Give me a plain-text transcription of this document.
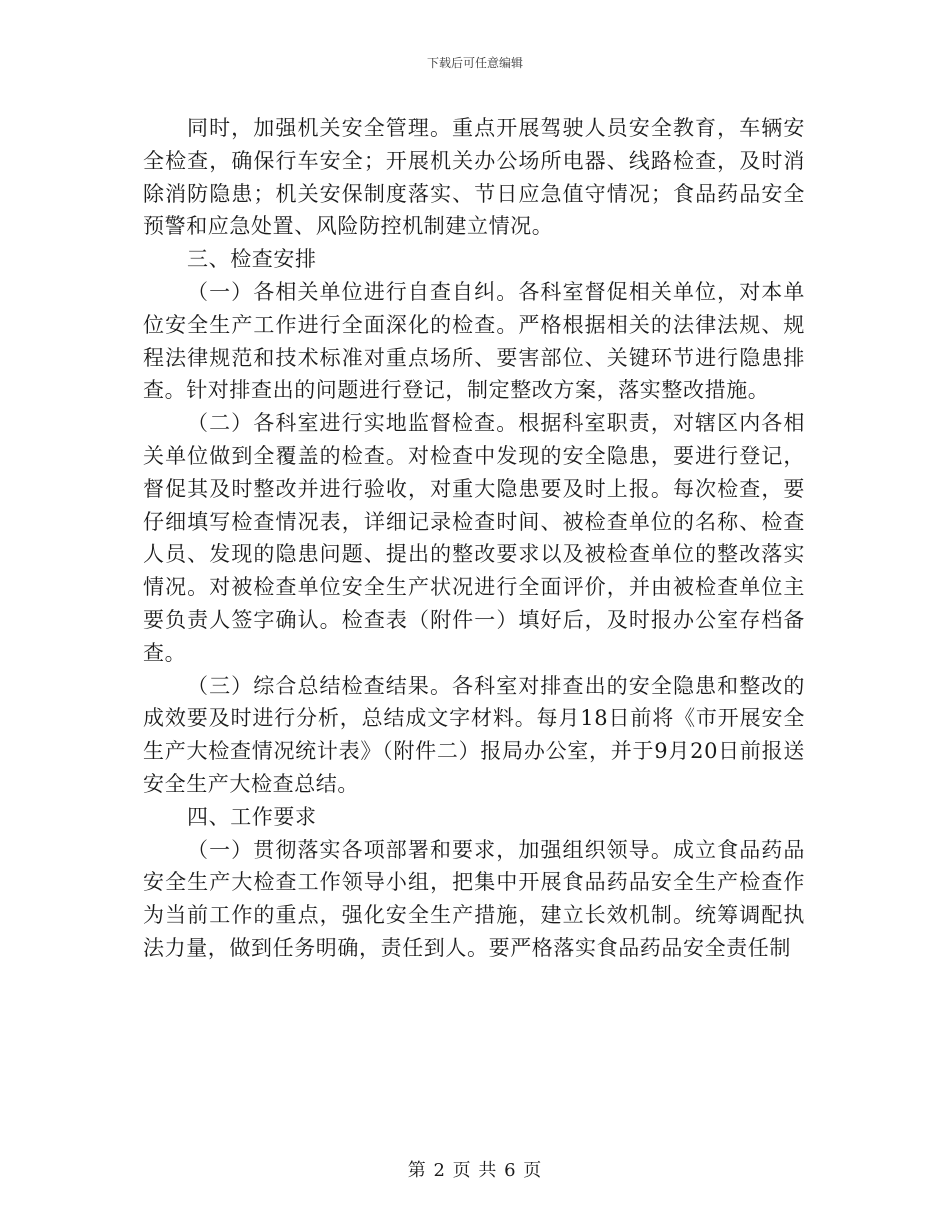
下载后可任意编辑

同时，加强机关安全管理。重点开展驾驶人员安全教育，车辆安全检查，确保行车安全；开展机关办公场所电器、线路检查，及时消除消防隐患；机关安保制度落实、节日应急值守情况；食品药品安全预警和应急处置、风险防控机制建立情况。

三、检查安排

（一）各相关单位进行自查自纠。各科室督促相关单位，对本单位安全生产工作进行全面深化的检查。严格根据相关的法律法规、规程法律规范和技术标准对重点场所、要害部位、关键环节进行隐患排查。针对排查出的问题进行登记，制定整改方案，落实整改措施。

（二）各科室进行实地监督检查。根据科室职责，对辖区内各相关单位做到全覆盖的检查。对检查中发现的安全隐患，要进行登记，督促其及时整改并进行验收，对重大隐患要及时上报。每次检查，要仔细填写检查情况表，详细记录检查时间、被检查单位的名称、检查人员、发现的隐患问题、提出的整改要求以及被检查单位的整改落实情况。对被检查单位安全生产状况进行全面评价，并由被检查单位主要负责人签字确认。检查表（附件一）填好后，及时报办公室存档备查。

（三）综合总结检查结果。各科室对排查出的安全隐患和整改的成效要及时进行分析，总结成文字材料。每月18日前将《市开展安全生产大检查情况统计表》（附件二）报局办公室，并于9月20日前报送安全生产大检查总结。

四、工作要求

（一）贯彻落实各项部署和要求，加强组织领导。成立食品药品安全生产大检查工作领导小组，把集中开展食品药品安全生产检查作为当前工作的重点，强化安全生产措施，建立长效机制。统筹调配执法力量，做到任务明确，责任到人。要严格落实食品药品安全责任制

第 2 页 共 6 页
